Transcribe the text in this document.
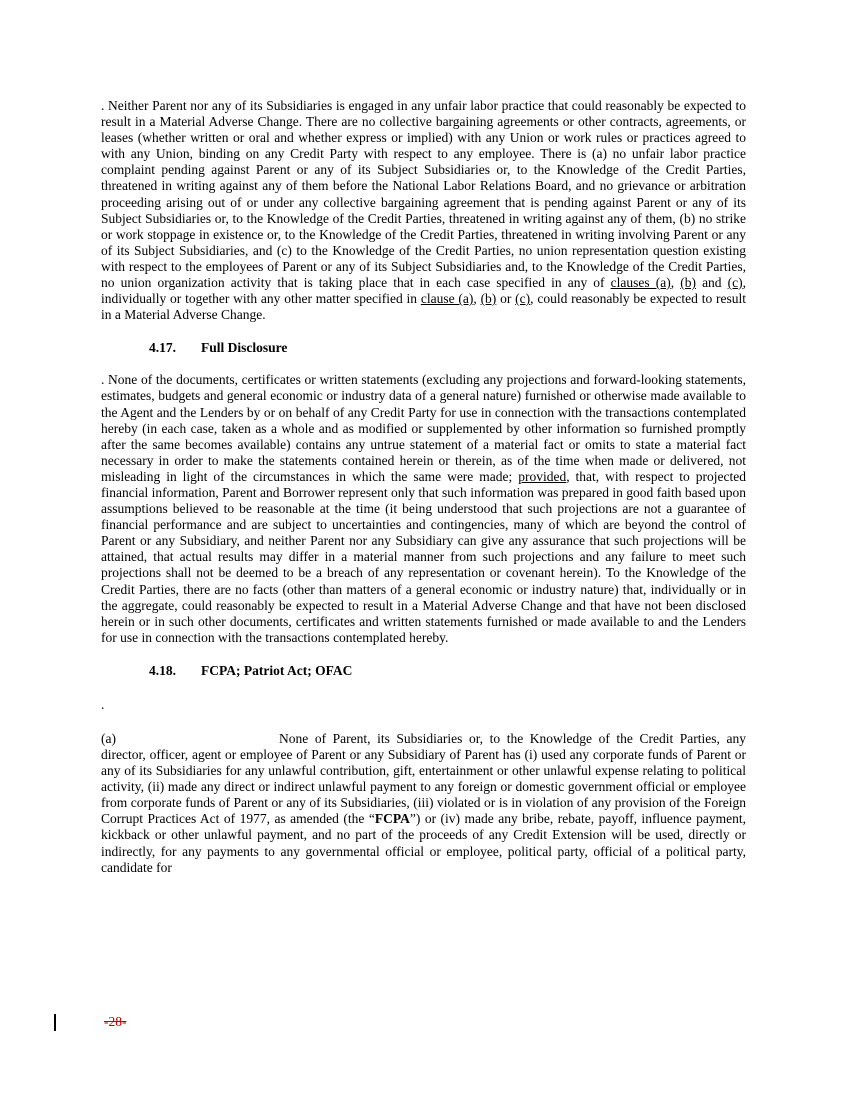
. Neither Parent nor any of its Subsidiaries is engaged in any unfair labor practice that could reasonably be expected to result in a Material Adverse Change. There are no collective bargaining agreements or other contracts, agreements, or leases (whether written or oral and whether express or implied) with any Union or work rules or practices agreed to with any Union, binding on any Credit Party with respect to any employee. There is (a) no unfair labor practice complaint pending against Parent or any of its Subject Subsidiaries or, to the Knowledge of the Credit Parties, threatened in writing against any of them before the National Labor Relations Board, and no grievance or arbitration proceeding arising out of or under any collective bargaining agreement that is pending against Parent or any of its Subject Subsidiaries or, to the Knowledge of the Credit Parties, threatened in writing against any of them, (b) no strike or work stoppage in existence or, to the Knowledge of the Credit Parties, threatened in writing involving Parent or any of its Subject Subsidiaries, and (c) to the Knowledge of the Credit Parties, no union representation question existing with respect to the employees of Parent or any of its Subject Subsidiaries and, to the Knowledge of the Credit Parties, no union organization activity that is taking place that in each case specified in any of clauses (a), (b) and (c), individually or together with any other matter specified in clause (a), (b) or (c), could reasonably be expected to result in a Material Adverse Change.

4.17. Full Disclosure

. None of the documents, certificates or written statements (excluding any projections and forward-looking statements, estimates, budgets and general economic or industry data of a general nature) furnished or otherwise made available to the Agent and the Lenders by or on behalf of any Credit Party for use in connection with the transactions contemplated hereby (in each case, taken as a whole and as modified or supplemented by other information so furnished promptly after the same becomes available) contains any untrue statement of a material fact or omits to state a material fact necessary in order to make the statements contained herein or therein, as of the time when made or delivered, not misleading in light of the circumstances in which the same were made; provided, that, with respect to projected financial information, Parent and Borrower represent only that such information was prepared in good faith based upon assumptions believed to be reasonable at the time (it being understood that such projections are not a guarantee of financial performance and are subject to uncertainties and contingencies, many of which are beyond the control of Parent or any Subsidiary, and neither Parent nor any Subsidiary can give any assurance that such projections will be attained, that actual results may differ in a material manner from such projections and any failure to meet such projections shall not be deemed to be a breach of any representation or covenant herein). To the Knowledge of the Credit Parties, there are no facts (other than matters of a general economic or industry nature) that, individually or in the aggregate, could reasonably be expected to result in a Material Adverse Change and that have not been disclosed herein or in such other documents, certificates and written statements furnished or made available to and the Lenders for use in connection with the transactions contemplated hereby.

4.18. FCPA; Patriot Act; OFAC

.

(a)	None of Parent, its Subsidiaries or, to the Knowledge of the Credit Parties, any director, officer, agent or employee of Parent or any Subsidiary of Parent has (i) used any corporate funds of Parent or any of its Subsidiaries for any unlawful contribution, gift, entertainment or other unlawful expense relating to political activity, (ii) made any direct or indirect unlawful payment to any foreign or domestic government official or employee from corporate funds of Parent or any of its Subsidiaries, (iii) violated or is in violation of any provision of the Foreign Corrupt Practices Act of 1977, as amended (the “FCPA”) or (iv) made any bribe, rebate, payoff, influence payment, kickback or other unlawful payment, and no part of the proceeds of any Credit Extension will be used, directly or indirectly, for any payments to any governmental official or employee, political party, official of a political party, candidate for

-28-
